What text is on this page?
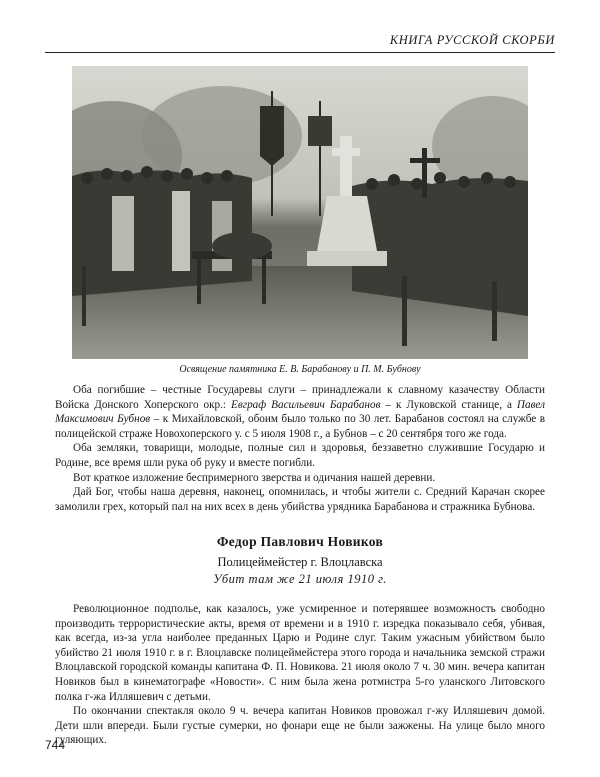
КНИГА РУССКОЙ СКОРБИ
Освящение памятника Е. В. Барабанову и П. М. Бубнову

Оба погибшие – честные Государевы слуги – принадлежали к славному казачеству Области Войска Донского Хоперского окр.: Евграф Васильевич Барабанов – к Луковской станице, а Павел Максимович Бубнов – к Михайловской, обоим было только по 30 лет. Барабанов состоял на службе в полицейской страже Новохоперского у. с 5 июля 1908 г., а Бубнов – с 20 сентября того же года.

Оба земляки, товарищи, молодые, полные сил и здоровья, беззаветно служившие Государю и Родине, все время шли рука об руку и вместе погибли.

Вот краткое изложение беспримерного зверства и одичания нашей деревни.

Дай Бог, чтобы наша деревня, наконец, опомнилась, и чтобы жители с. Средний Карачан скорее замолили грех, который пал на них всех в день убийства урядника Барабанова и стражника Бубнова.

Федор Павлович Новиков
Полицеймейстер г. Влоцлавска
Убит там же 21 июля 1910 г.

Революционное подполье, как казалось, уже усмиренное и потерявшее возможность свободно производить террористические акты, время от времени и в 1910 г. изредка показывало себя, убивая, как всегда, из-за угла наиболее преданных Царю и Родине слуг. Таким ужасным убийством было убийство 21 июля 1910 г. в г. Влоцлавске полицеймейстера этого города и начальника земской стражи Влоцлавской городской команды капитана Ф. П. Новикова. 21 июля около 7 ч. 30 мин. вечера капитан Новиков был в кинематографе «Новости». С ним была жена ротмистра 5-го уланского Литовского полка г-жа Илляшевич с детьми.

По окончании спектакля около 9 ч. вечера капитан Новиков провожал г-жу Илляшевич домой. Дети шли впереди. Были густые сумерки, но фонари еще не были зажжены. На улице было много гуляющих.

744
